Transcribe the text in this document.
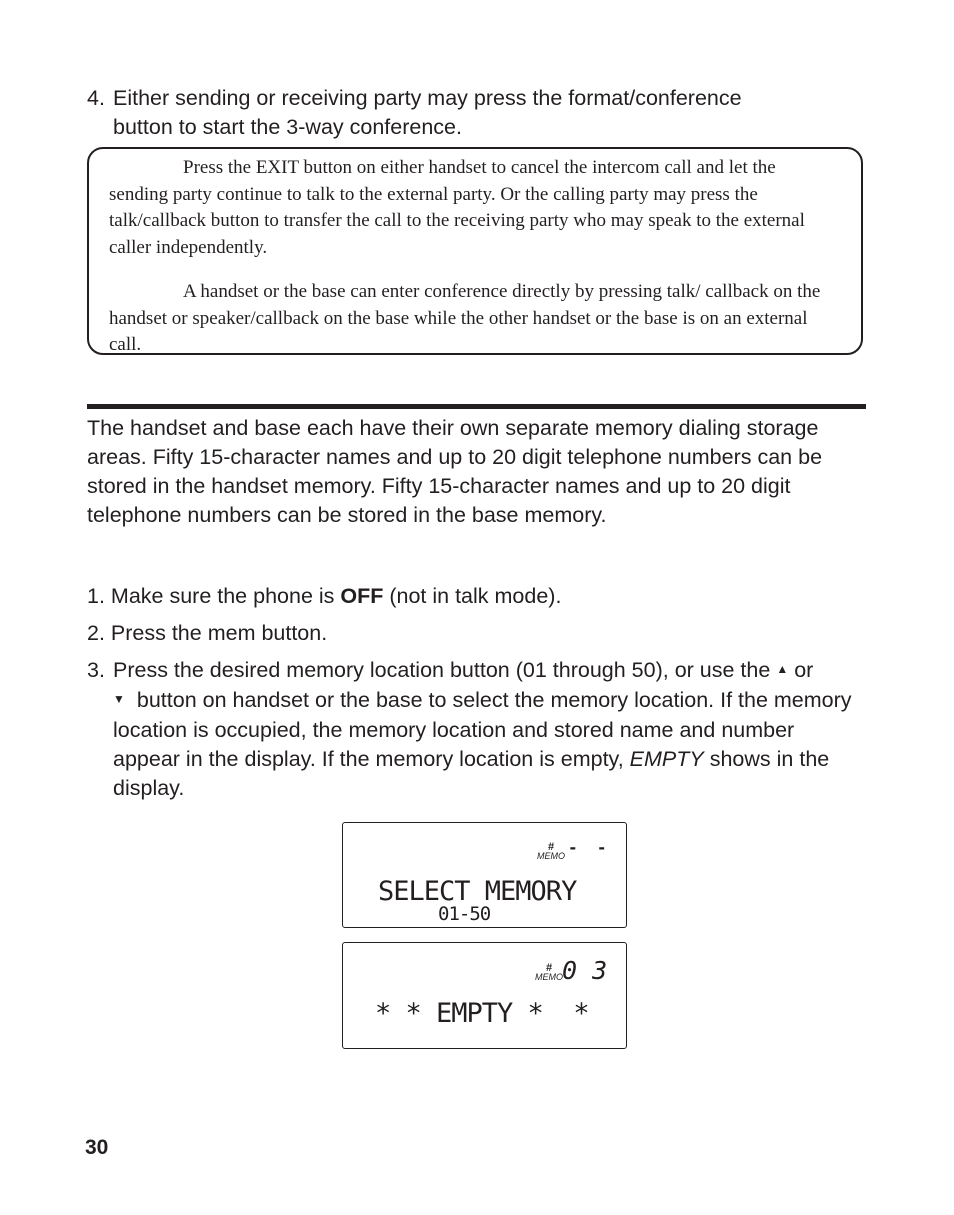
4. Either sending or receiving party may press the format/conference
button to start the 3-way conference.

Press the EXIT button on either handset to cancel the intercom call and let the sending party continue to talk to the external party. Or the calling party may press the talk/callback button to transfer the call to the receiving party who may speak to the external caller independently.

A handset or the base can enter conference directly by pressing talk/ callback on the handset or speaker/callback on the base while the other handset or the base is on an external call.

The handset and base each have their own separate memory dialing storage areas. Fifty 15-character names and up to 20 digit telephone numbers can be stored in the handset memory. Fifty 15-character names and up to 20 digit telephone numbers can be stored in the base memory.

1. Make sure the phone is OFF (not in talk mode).
2. Press the mem button.
3. Press the desired memory location button (01 through 50), or use the ▲ or
▼ button on handset or the base to select the memory location. If the memory location is occupied, the memory location and stored name and number appear in the display. If the memory location is empty, EMPTY shows in the display.
#
MEMO -  -
SELECT MEMORY
01-50
#
MEMO 0 3
* * EMPTY *  *
30
